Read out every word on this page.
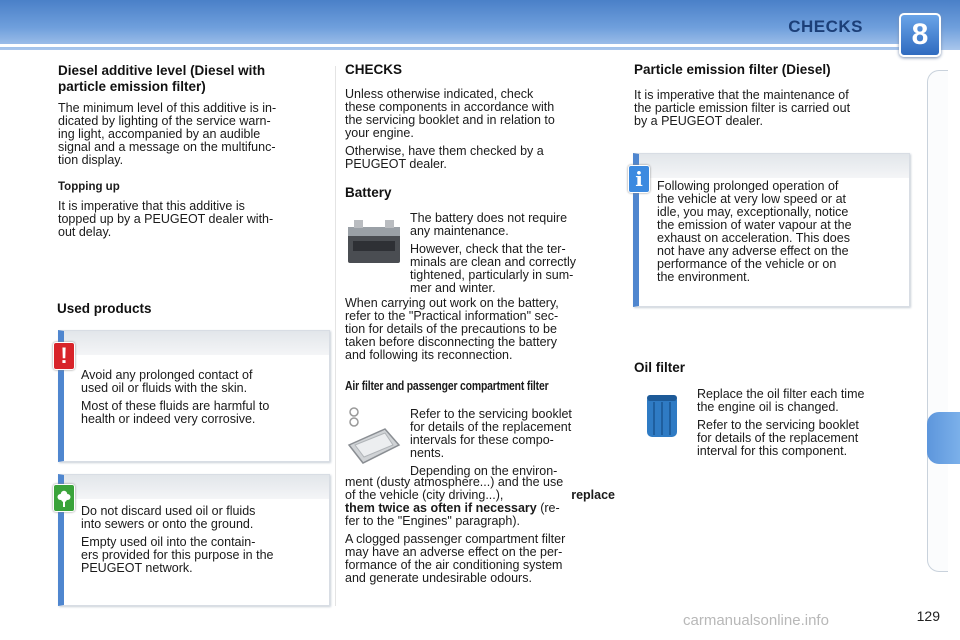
CHECKS	8
Diesel additive level (Diesel with
particle emission filter)
The minimum level of this additive is in-
dicated by lighting of the service warn-
ing light, accompanied by an audible
signal and a message on the multifunc-
tion display.
Topping up
It is imperative that this additive is
topped up by a PEUGEOT dealer with-
out delay.
Used products
Avoid any prolonged contact of
used oil or fluids with the skin.
Most of these fluids are harmful to
health or indeed very corrosive.
!
Do not discard used oil or fluids
into sewers or onto the ground.
Empty used oil into the contain-
ers provided for this purpose in the
PEUGEOT network.
CHECKS
Unless otherwise indicated, check
these components in accordance with
the servicing booklet and in relation to
your engine.
Otherwise, have them checked by a
PEUGEOT dealer.
Battery
The battery does not require
any maintenance.
However, check that the ter-
minals are clean and correctly
tightened, particularly in sum-
mer and winter.
When carrying out work on the battery,
refer to the "Practical information" sec-
tion for details of the precautions to be
taken before disconnecting the battery
and following its reconnection.
Air filter and passenger compartment filter
Refer to the servicing booklet
for details of the replacement
intervals for these compo-
nents.
Depending on the environ-
ment (dusty atmosphere...) and the use
of the vehicle (city driving...),	replace
them twice as often if necessary (re-
fer to the "Engines" paragraph).
A clogged passenger compartment filter
may have an adverse effect on the per-
formance of the air conditioning system
and generate undesirable odours.
Particle emission filter (Diesel)
It is imperative that the maintenance of
the particle emission filter is carried out
by a PEUGEOT dealer.
Following prolonged operation of
the vehicle at very low speed or at
idle, you may, exceptionally, notice
the emission of water vapour at the
exhaust on acceleration. This does
not have any adverse effect on the
performance of the vehicle or on
the environment.
i
Oil filter
Replace the oil filter each time
the engine oil is changed.
Refer to the servicing booklet
for details of the replacement
interval for this component.
carmanualsonline.info	129
